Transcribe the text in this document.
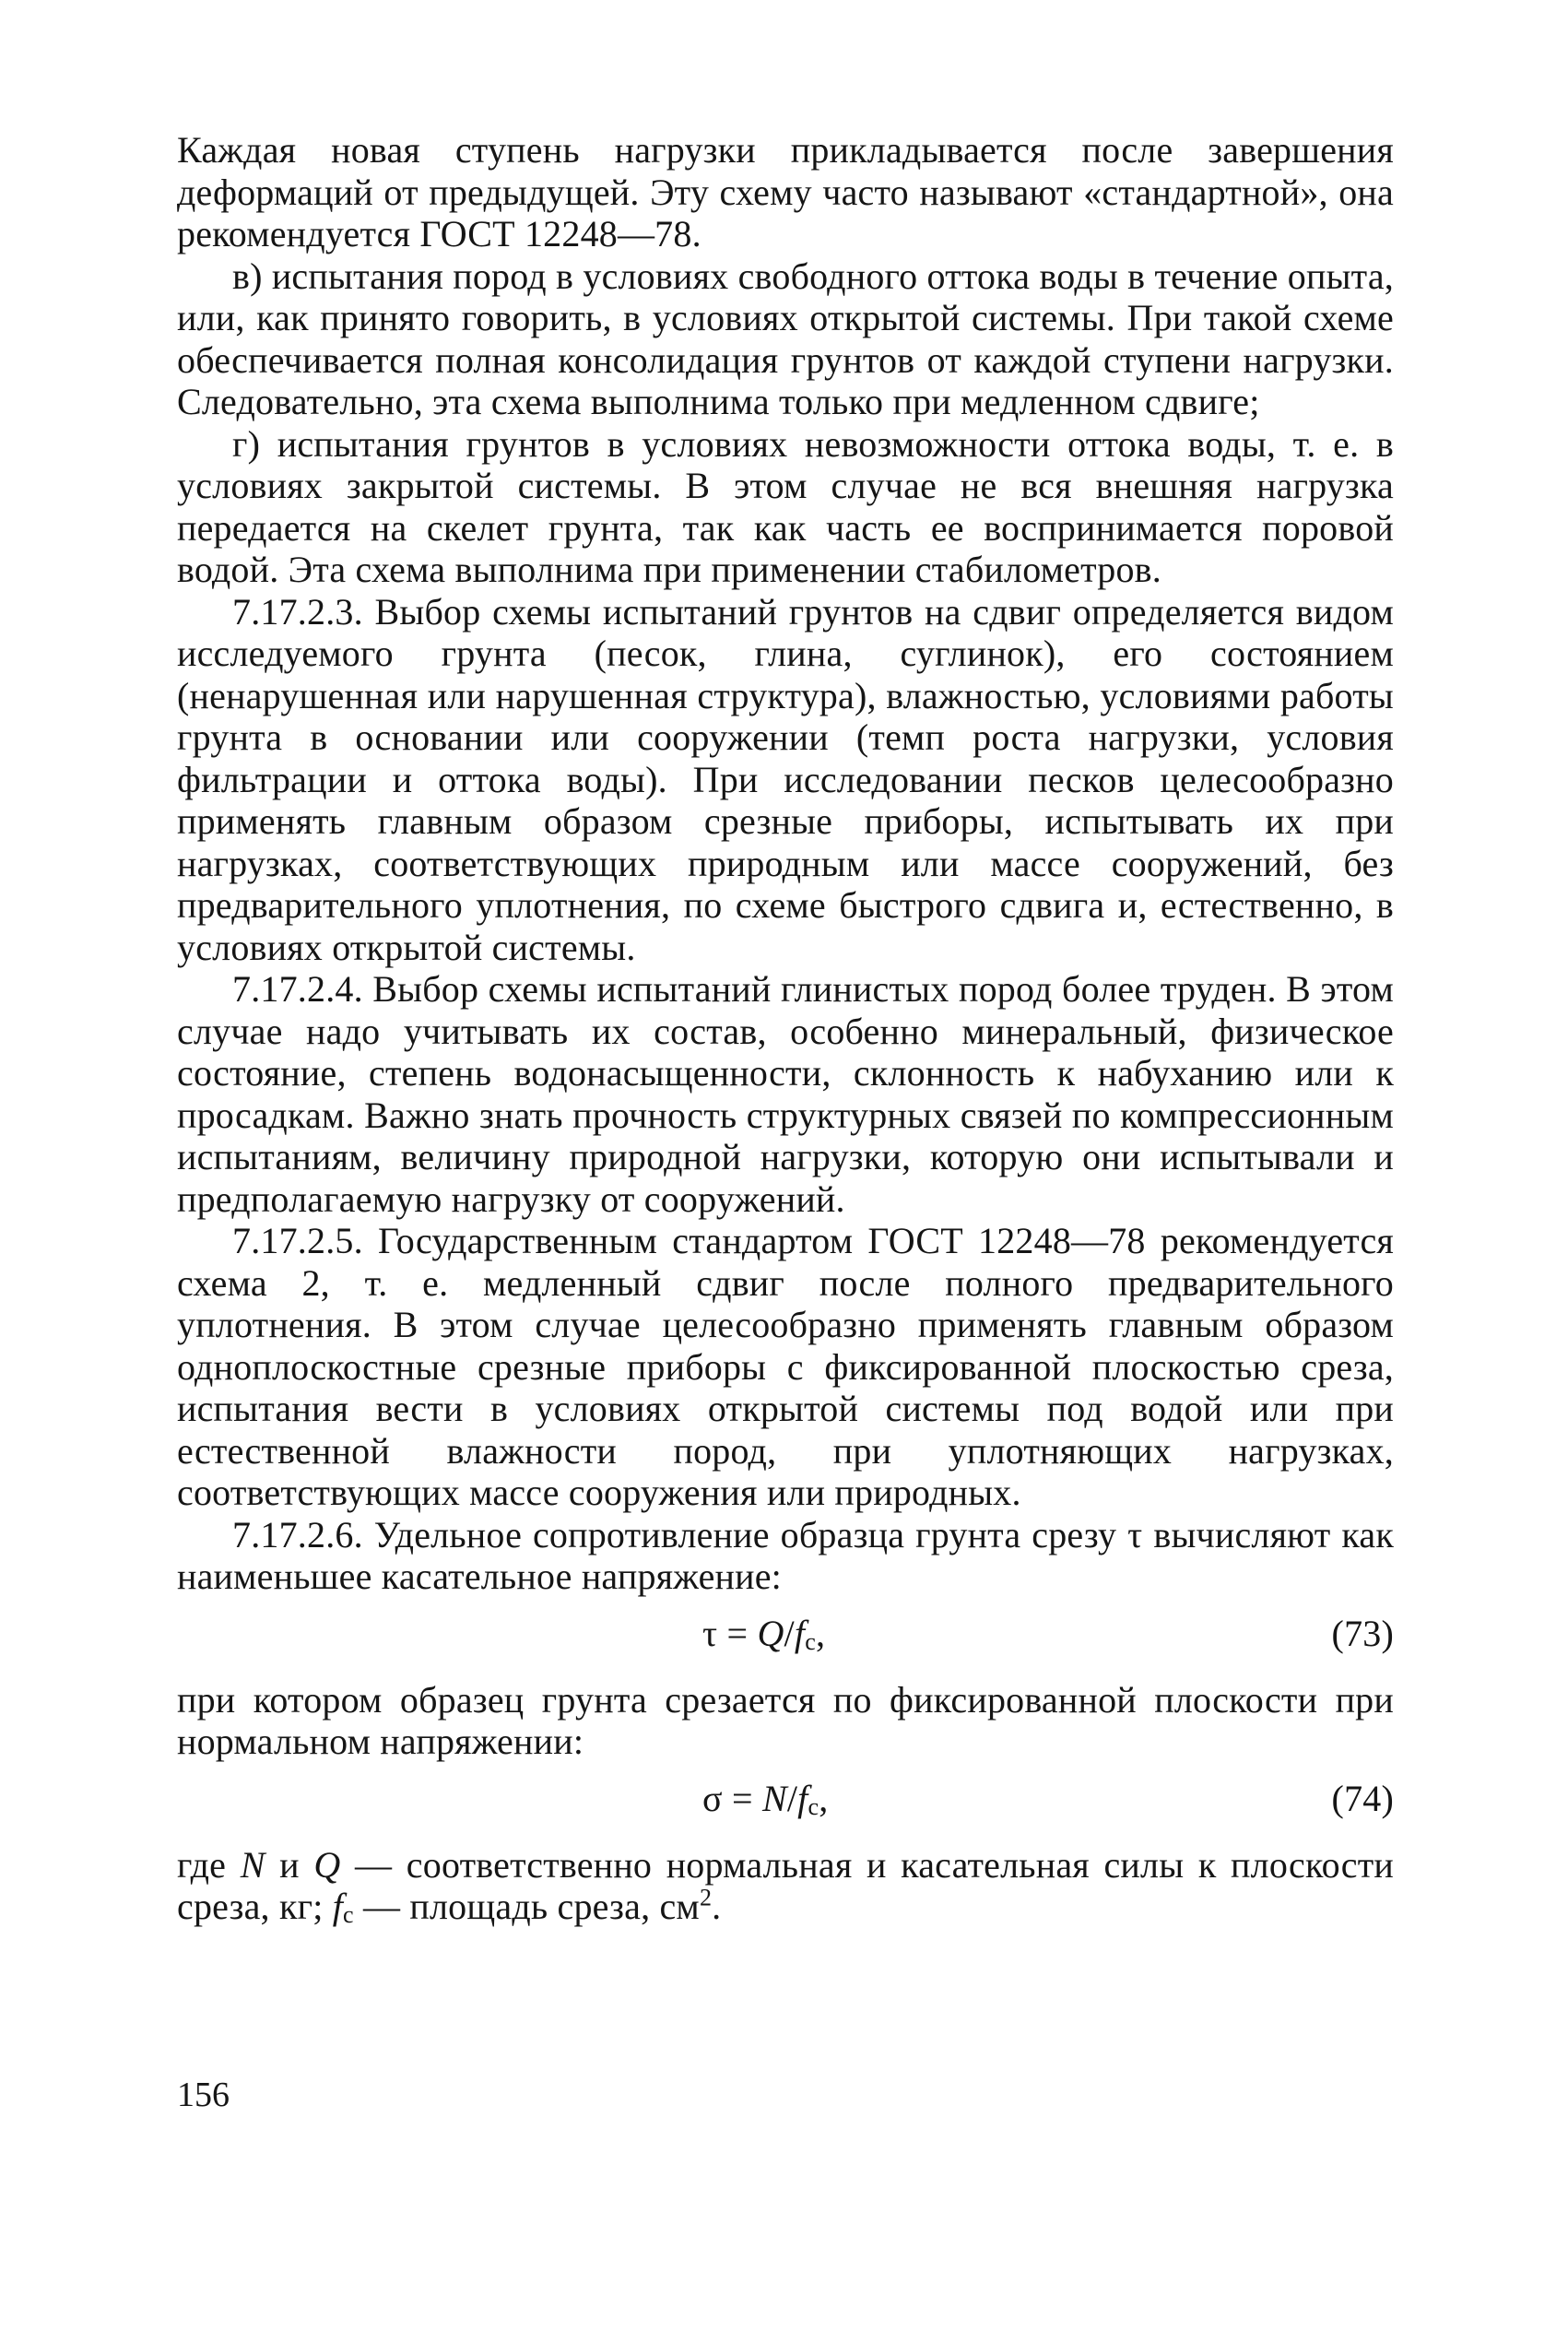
Каждая новая ступень нагрузки прикладывается после завершения деформаций от предыдущей. Эту схему часто называют «стандартной», она рекомендуется ГОСТ 12248—78.

в) испытания пород в условиях свободного оттока воды в течение опыта, или, как принято говорить, в условиях открытой системы. При такой схеме обеспечивается полная консолидация грунтов от каждой ступени нагрузки. Следовательно, эта схема выполнима только при медленном сдвиге;

г) испытания грунтов в условиях невозможности оттока воды, т. е. в условиях закрытой системы. В этом случае не вся внешняя нагрузка передается на скелет грунта, так как часть ее воспринимается поровой водой. Эта схема выполнима при применении стабилометров.

7.17.2.3. Выбор схемы испытаний грунтов на сдвиг определяется видом исследуемого грунта (песок, глина, суглинок), его состоянием (ненарушенная или нарушенная структура), влажностью, условиями работы грунта в основании или сооружении (темп роста нагрузки, условия фильтрации и оттока воды). При исследовании песков целесообразно применять главным образом срезные приборы, испытывать их при нагрузках, соответствующих природным или массе сооружений, без предварительного уплотнения, по схеме быстрого сдвига и, естественно, в условиях открытой системы.

7.17.2.4. Выбор схемы испытаний глинистых пород более труден. В этом случае надо учитывать их состав, особенно минеральный, физическое состояние, степень водонасыщенности, склонность к набуханию или к просадкам. Важно знать прочность структурных связей по компрессионным испытаниям, величину природной нагрузки, которую они испытывали и предполагаемую нагрузку от сооружений.

7.17.2.5. Государственным стандартом ГОСТ 12248—78 рекомендуется схема 2, т. е. медленный сдвиг после полного предварительного уплотнения. В этом случае целесообразно применять главным образом одноплоскостные срезные приборы с фиксированной плоскостью среза, испытания вести в условиях открытой системы под водой или при естественной влажности пород, при уплотняющих нагрузках, соответствующих массе сооружения или природных.

7.17.2.6. Удельное сопротивление образца грунта срезу τ вычисляют как наименьшее касательное напряжение:

$\tau = Q/f_c$,	(73)

при котором образец грунта срезается по фиксированной плоскости при нормальном напряжении:

$\sigma = N/f_c$,	(74)

где N и Q — соответственно нормальная и касательная силы к плоскости среза, кг; $f_c$ — площадь среза, $см^2$.

156
